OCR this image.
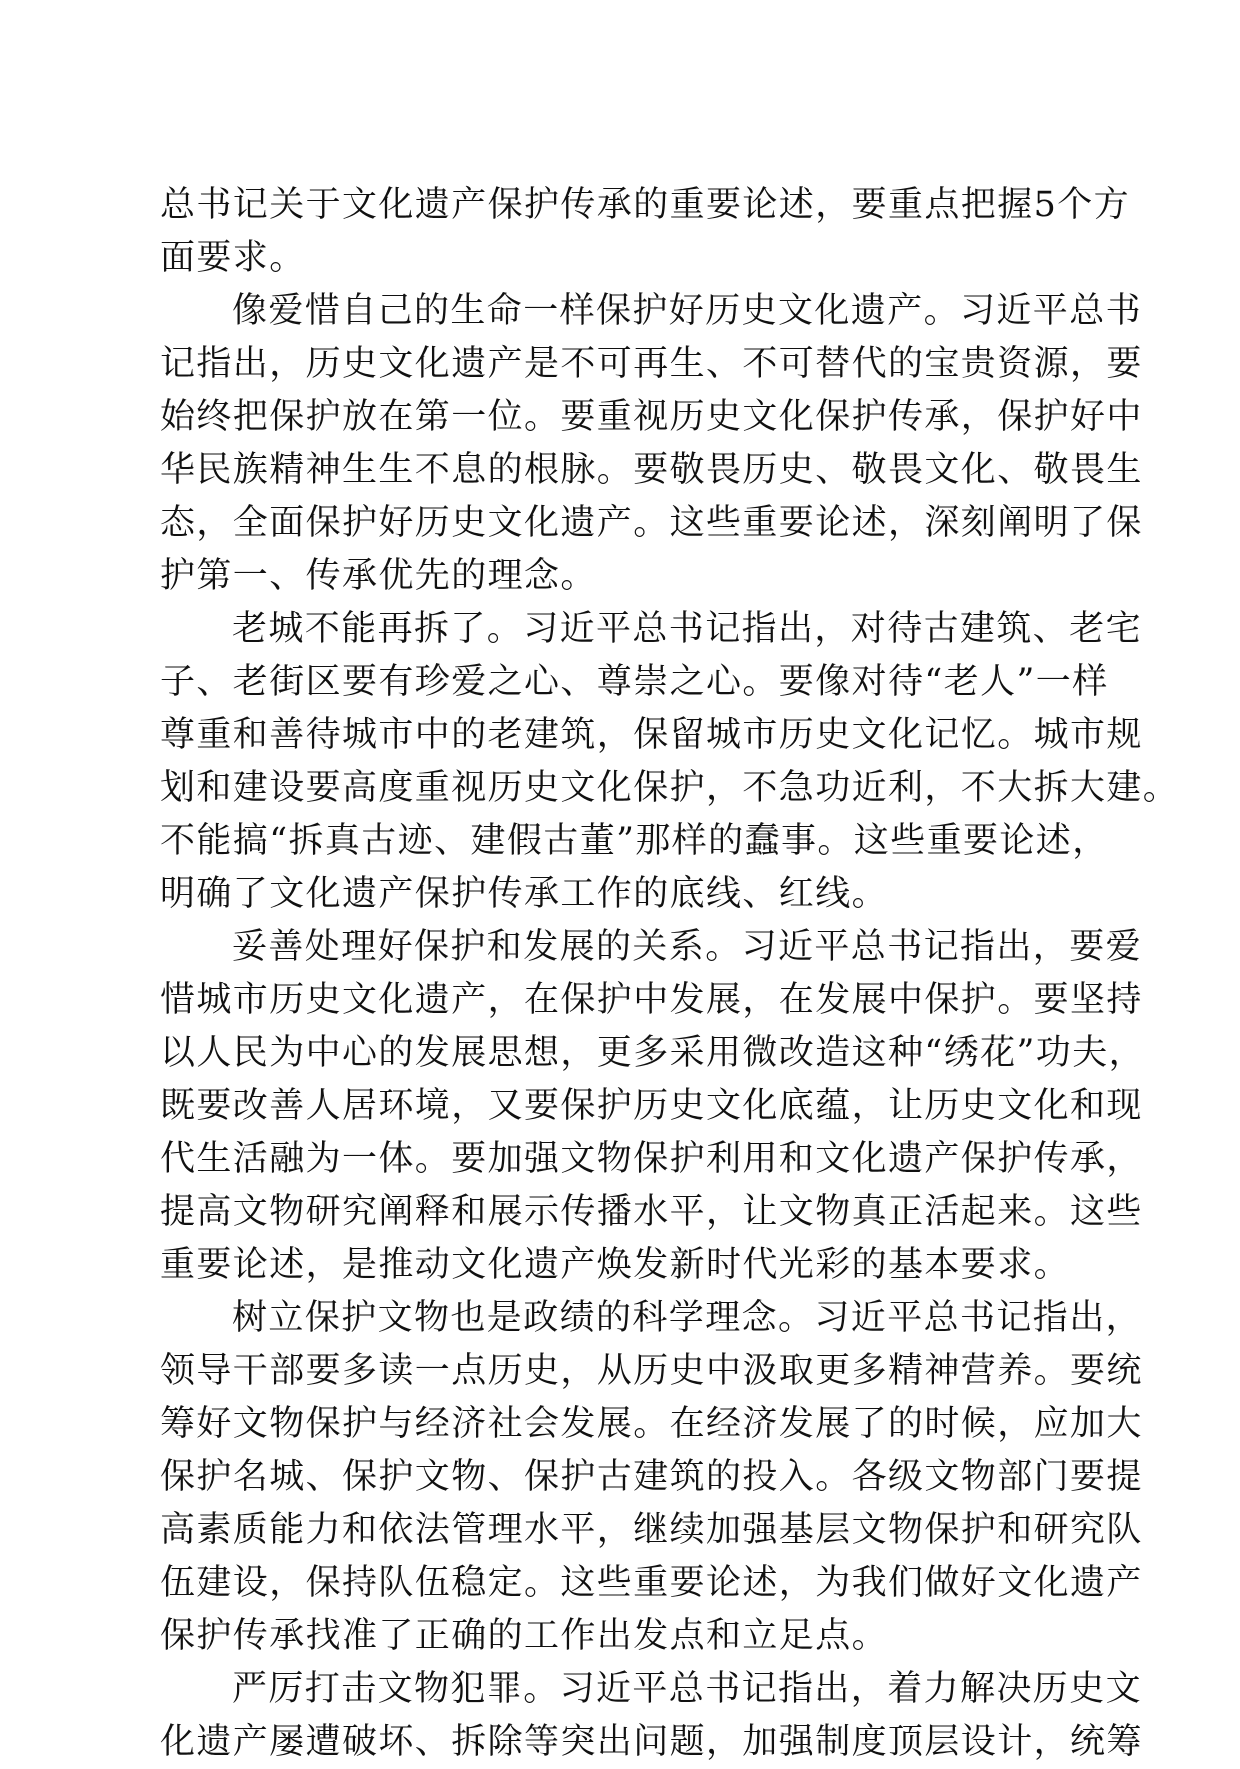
总书记关于文化遗产保护传承的重要论述，要重点把握5个方
面要求。
像爱惜自己的生命一样保护好历史文化遗产。习近平总书
记指出，历史文化遗产是不可再生、不可替代的宝贵资源，要
始终把保护放在第一位。要重视历史文化保护传承，保护好中
华民族精神生生不息的根脉。要敬畏历史、敬畏文化、敬畏生
态，全面保护好历史文化遗产。这些重要论述，深刻阐明了保
护第一、传承优先的理念。
老城不能再拆了。习近平总书记指出，对待古建筑、老宅
子、老街区要有珍爱之心、尊崇之心。要像对待“老人”一样
尊重和善待城市中的老建筑，保留城市历史文化记忆。城市规
划和建设要高度重视历史文化保护，不急功近利，不大拆大建。
不能搞“拆真古迹、建假古董”那样的蠢事。这些重要论述，
明确了文化遗产保护传承工作的底线、红线。
妥善处理好保护和发展的关系。习近平总书记指出，要爱
惜城市历史文化遗产，在保护中发展，在发展中保护。要坚持
以人民为中心的发展思想，更多采用微改造这种“绣花”功夫，
既要改善人居环境，又要保护历史文化底蕴，让历史文化和现
代生活融为一体。要加强文物保护利用和文化遗产保护传承，
提高文物研究阐释和展示传播水平，让文物真正活起来。这些
重要论述，是推动文化遗产焕发新时代光彩的基本要求。
树立保护文物也是政绩的科学理念。习近平总书记指出，
领导干部要多读一点历史，从历史中汲取更多精神营养。要统
筹好文物保护与经济社会发展。在经济发展了的时候，应加大
保护名城、保护文物、保护古建筑的投入。各级文物部门要提
高素质能力和依法管理水平，继续加强基层文物保护和研究队
伍建设，保持队伍稳定。这些重要论述，为我们做好文化遗产
保护传承找准了正确的工作出发点和立足点。
严厉打击文物犯罪。习近平总书记指出，着力解决历史文
化遗产屡遭破坏、拆除等突出问题，加强制度顶层设计，统筹
